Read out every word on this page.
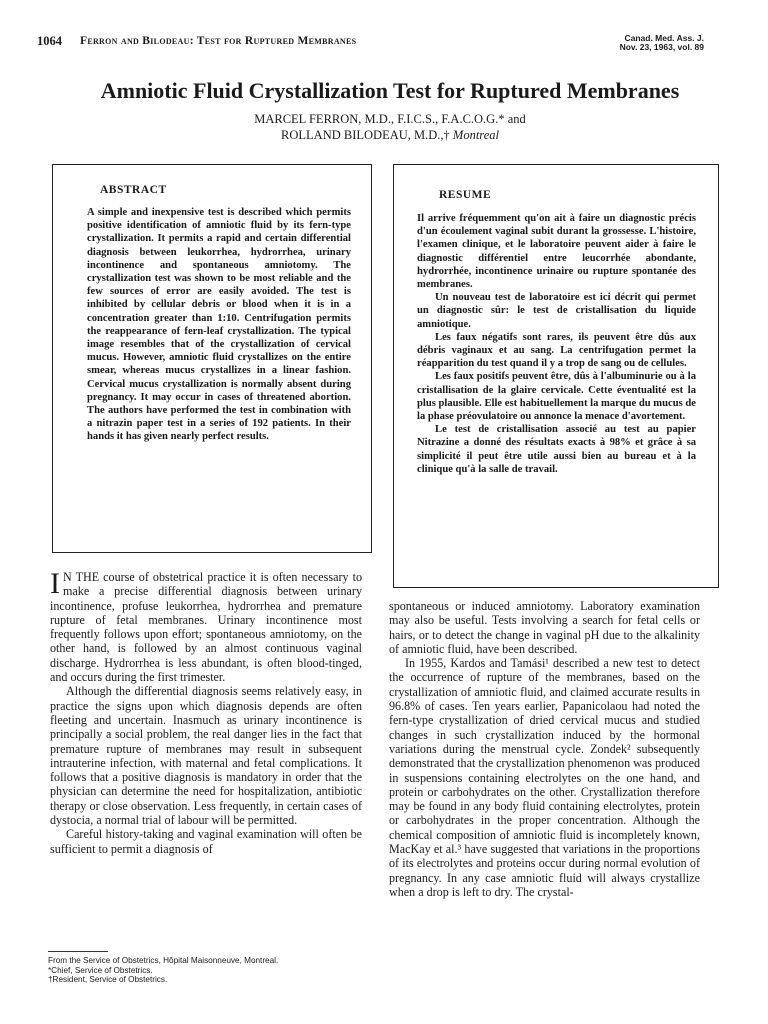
1064 Ferron and Bilodeau: Test for Ruptured Membranes	Canad. Med. Ass. J.
Nov. 23, 1963, vol. 89
Amniotic Fluid Crystallization Test for Ruptured Membranes
MARCEL FERRON, M.D., F.I.C.S., F.A.C.O.G.* and
ROLLAND BILODEAU, M.D.,† Montreal
ABSTRACT

A simple and inexpensive test is described which permits positive identification of amniotic fluid by its fern-type crystallization. It permits a rapid and certain differential diagnosis between leukorrhea, hydrorrhea, urinary incontinence and spontaneous amniotomy. The crystallization test was shown to be most reliable and the few sources of error are easily avoided. The test is inhibited by cellular debris or blood when it is in a concentration greater than 1:10. Centrifugation permits the reappearance of fern-leaf crystallization. The typical image resembles that of the crystallization of cervical mucus. However, amniotic fluid crystallizes on the entire smear, whereas mucus crystallizes in a linear fashion. Cervical mucus crystallization is normally absent during pregnancy. It may occur in cases of threatened abortion. The authors have performed the test in combination with a nitrazin paper test in a series of 192 patients. In their hands it has given nearly perfect results.

RESUME

Il arrive fréquemment qu'on ait à faire un diagnostic précis d'un écoulement vaginal subit durant la grossesse. L'histoire, l'examen clinique, et le laboratoire peuvent aider à faire le diagnostic différentiel entre leucorrhée abondante, hydrorrhée, incontinence urinaire ou rupture spontanée des membranes.

Un nouveau test de laboratoire est ici décrit qui permet un diagnostic sûr: le test de cristallisation du liquide amniotique.

Les faux négatifs sont rares, ils peuvent être dûs aux débris vaginaux et au sang. La centrifugation permet la réapparition du test quand il y a trop de sang ou de cellules.

Les faux positifs peuvent être, dûs à l'albuminurie ou à la cristallisation de la glaire cervicale. Cette éventualité est la plus plausible. Elle est habituellement la marque du mucus de la phase préovulatoire ou annonce la menace d'avortement.

Le test de cristallisation associé au test au papier Nitrazine a donné des résultats exacts à 98% et grâce à sa simplicité il peut être utile aussi bien au bureau et à la clinique qu'à la salle de travail.

I N THE course of obstetrical practice it is often necessary to make a precise differential diagnosis between urinary incontinence, profuse leukorrhea, hydrorrhea and premature rupture of fetal membranes. Urinary incontinence most frequently follows upon effort; spontaneous amniotomy, on the other hand, is followed by an almost continuous vaginal discharge. Hydrorrhea is less abundant, is often blood-tinged, and occurs during the first trimester.

Although the differential diagnosis seems relatively easy, in practice the signs upon which diagnosis depends are often fleeting and uncertain. Inasmuch as urinary incontinence is principally a social problem, the real danger lies in the fact that premature rupture of membranes may result in subsequent intrauterine infection, with maternal and fetal complications. It follows that a positive diagnosis is mandatory in order that the physician can determine the need for hospitalization, antibiotic therapy or close observation. Less frequently, in certain cases of dystocia, a normal trial of labour will be permitted.

Careful history-taking and vaginal examination will often be sufficient to permit a diagnosis of

spontaneous or induced amniotomy. Laboratory examination may also be useful. Tests involving a search for fetal cells or hairs, or to detect the change in vaginal pH due to the alkalinity of amniotic fluid, have been described.

In 1955, Kardos and Tamási¹ described a new test to detect the occurrence of rupture of the membranes, based on the crystallization of amniotic fluid, and claimed accurate results in 96.8% of cases. Ten years earlier, Papanicolaou had noted the fern-type crystallization of dried cervical mucus and studied changes in such crystallization induced by the hormonal variations during the menstrual cycle. Zondek² subsequently demonstrated that the crystallization phenomenon was produced in suspensions containing electrolytes on the one hand, and protein or carbohydrates on the other. Crystallization therefore may be found in any body fluid containing electrolytes, protein or carbohydrates in the proper concentration. Although the chemical composition of amniotic fluid is incompletely known, MacKay et al.³ have suggested that variations in the proportions of its electrolytes and proteins occur during normal evolution of pregnancy. In any case amniotic fluid will always crystallize when a drop is left to dry. The crystal-

From the Service of Obstetrics, Hôpital Maisonneuve, Montreal.
*Chief, Service of Obstetrics.
†Resident, Service of Obstetrics.
